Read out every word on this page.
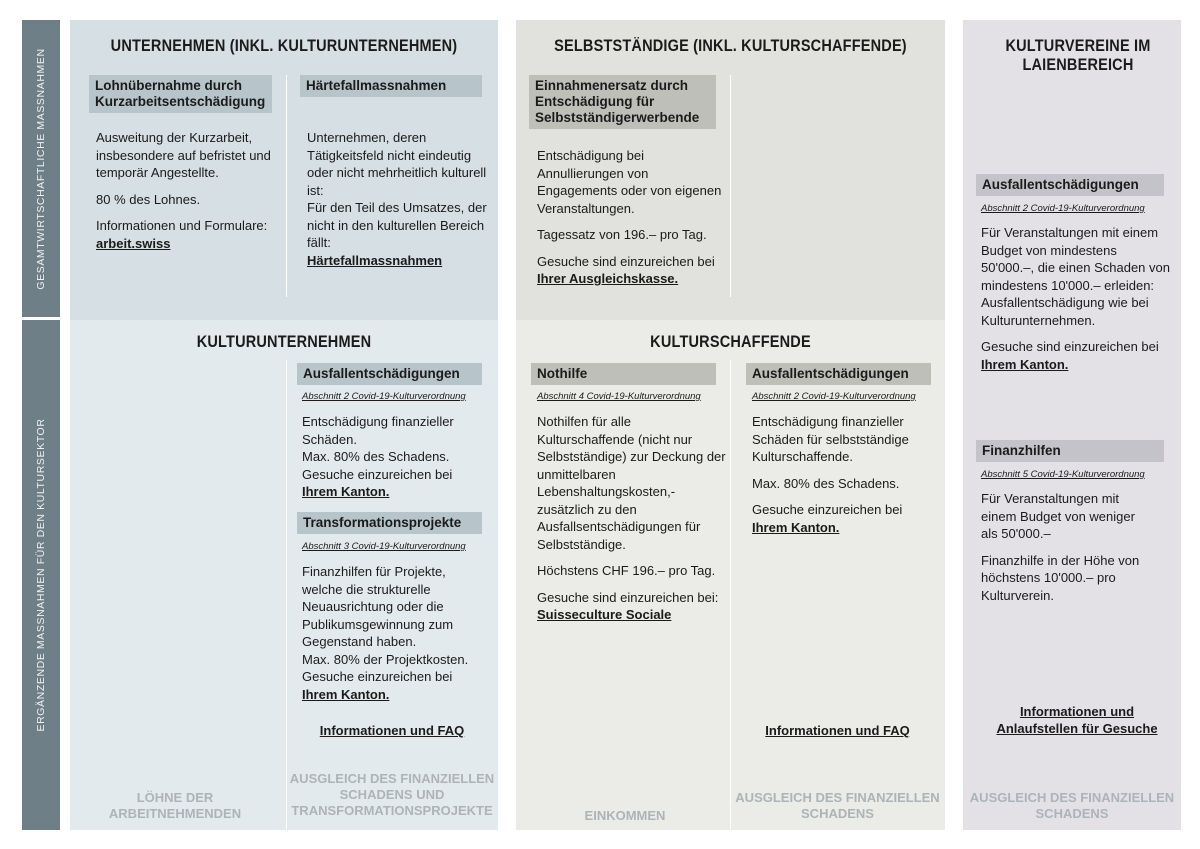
GESAMTWIRTSCHAFTLICHE MASSNAHMEN
ERGÄNZENDE MASSNAHMEN FÜR DEN KULTURSEKTOR
UNTERNEHMEN (INKL. KULTURUNTERNEHMEN)
Lohnübernahme durch Kurzarbeitsentschädigung

Ausweitung der Kurzarbeit, insbesondere auf befristet und temporär Angestellte.

80 % des Lohnes.

Informationen und Formulare:

arbeit.swiss

Härtefallmassnahmen

Unternehmen, deren Tätigkeitsfeld nicht eindeutig oder nicht mehrheitlich kulturell ist:

Für den Teil des Umsatzes, der nicht in den kulturellen Bereich fällt:

Härtefallmassnahmen

KULTURUNTERNEHMEN
Ausfallentschädigungen
Abschnitt 2 Covid-19-Kulturverordnung

Entschädigung finanzieller Schäden.

Max. 80% des Schadens.

Gesuche einzureichen bei

Ihrem Kanton.

Transformationsprojekte
Abschnitt 3 Covid-19-Kulturverordnung

Finanzhilfen für Projekte, welche die strukturelle Neuausrichtung oder die Publikumsgewinnung zum Gegenstand haben.

Max. 80% der Projektkosten.

Gesuche einzureichen bei

Ihrem Kanton.

Informationen und FAQ
LÖHNE DER ARBEITNEHMENDEN
AUSGLEICH DES FINANZIELLEN SCHADENS UND TRANSFORMATIONSPROJEKTE
SELBSTSTÄNDIGE (INKL. KULTURSCHAFFENDE)
Einnahmenersatz durch Entschädigung für Selbstständigerwerbende

Entschädigung bei Annullierungen von Engagements oder von eigenen Veranstaltungen.

Tagessatz von 196.– pro Tag.

Gesuche sind einzureichen bei

Ihrer Ausgleichskasse.

KULTURSCHAFFENDE
Nothilfe
Abschnitt 4 Covid-19-Kulturverordnung

Nothilfen für alle Kulturschaffende (nicht nur Selbstständige) zur Deckung der unmittelbaren Lebenshaltungskosten,- zusätzlich zu den Ausfallsentschädigungen für Selbstständige.

Höchstens CHF 196.– pro Tag.

Gesuche sind einzureichen bei:

Suisseculture Sociale

Ausfallentschädigungen
Abschnitt 2 Covid-19-Kulturverordnung

Entschädigung finanzieller Schäden für selbstständige Kulturschaffende.

Max. 80% des Schadens.

Gesuche einzureichen bei

Ihrem Kanton.

Informationen und FAQ
EINKOMMEN
AUSGLEICH DES FINANZIELLEN SCHADENS
KULTURVEREINE IM LAIENBEREICH
Ausfallentschädigungen
Abschnitt 2 Covid-19-Kulturverordnung

Für Veranstaltungen mit einem Budget von mindestens 50'000.–, die einen Schaden von mindestens 10'000.– erleiden: Ausfallentschädigung wie bei Kulturunternehmen.

Gesuche sind einzureichen bei

Ihrem Kanton.

Finanzhilfen
Abschnitt 5 Covid-19-Kulturverordnung

Für Veranstaltungen mit einem Budget von weniger als 50'000.–

Finanzhilfe in der Höhe von höchstens 10'000.– pro Kulturverein.

Informationen und Anlaufstellen für Gesuche
AUSGLEICH DES FINANZIELLEN SCHADENS
